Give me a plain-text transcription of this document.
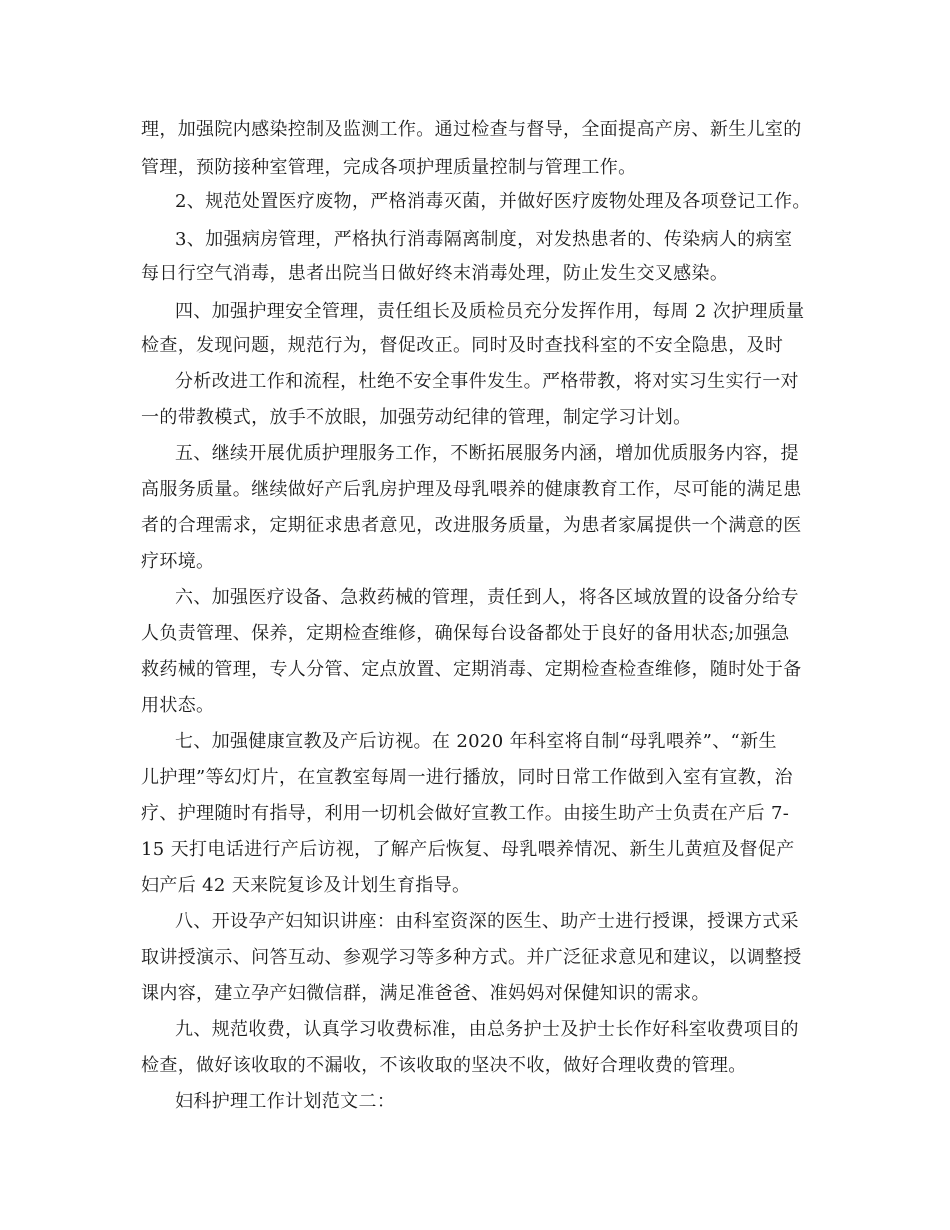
理，加强院内感染控制及监测工作。通过检查与督导，全面提高产房、新生儿室的

管理，预防接种室管理，完成各项护理质量控制与管理工作。

2、规范处置医疗废物，严格消毒灭菌，并做好医疗废物处理及各项登记工作。

3、加强病房管理，严格执行消毒隔离制度，对发热患者的、传染病人的病室

每日行空气消毒，患者出院当日做好终末消毒处理，防止发生交叉感染。

四、加强护理安全管理，责任组长及质检员充分发挥作用，每周 2 次护理质量

检查，发现问题，规范行为，督促改正。同时及时查找科室的不安全隐患，及时

分析改进工作和流程，杜绝不安全事件发生。严格带教，将对实习生实行一对

一的带教模式，放手不放眼，加强劳动纪律的管理，制定学习计划。

五、继续开展优质护理服务工作，不断拓展服务内涵，增加优质服务内容，提

高服务质量。继续做好产后乳房护理及母乳喂养的健康教育工作，尽可能的满足患

者的合理需求，定期征求患者意见，改进服务质量，为患者家属提供一个满意的医

疗环境。

六、加强医疗设备、急救药械的管理，责任到人，将各区域放置的设备分给专

人负责管理、保养，定期检查维修，确保每台设备都处于良好的备用状态;加强急

救药械的管理，专人分管、定点放置、定期消毒、定期检查检查维修，随时处于备

用状态。

七、加强健康宣教及产后访视。在 2020 年科室将自制“母乳喂养”、“新生

儿护理”等幻灯片，在宣教室每周一进行播放，同时日常工作做到入室有宣教，治

疗、护理随时有指导，利用一切机会做好宣教工作。由接生助产士负责在产后 7-

15 天打电话进行产后访视，了解产后恢复、母乳喂养情况、新生儿黄疸及督促产

妇产后 42 天来院复诊及计划生育指导。

八、开设孕产妇知识讲座：由科室资深的医生、助产士进行授课，授课方式采

取讲授演示、问答互动、参观学习等多种方式。并广泛征求意见和建议，以调整授

课内容，建立孕产妇微信群，满足准爸爸、准妈妈对保健知识的需求。

九、规范收费，认真学习收费标准，由总务护士及护士长作好科室收费项目的

检查，做好该收取的不漏收，不该收取的坚决不收，做好合理收费的管理。

妇科护理工作计划范文二：
